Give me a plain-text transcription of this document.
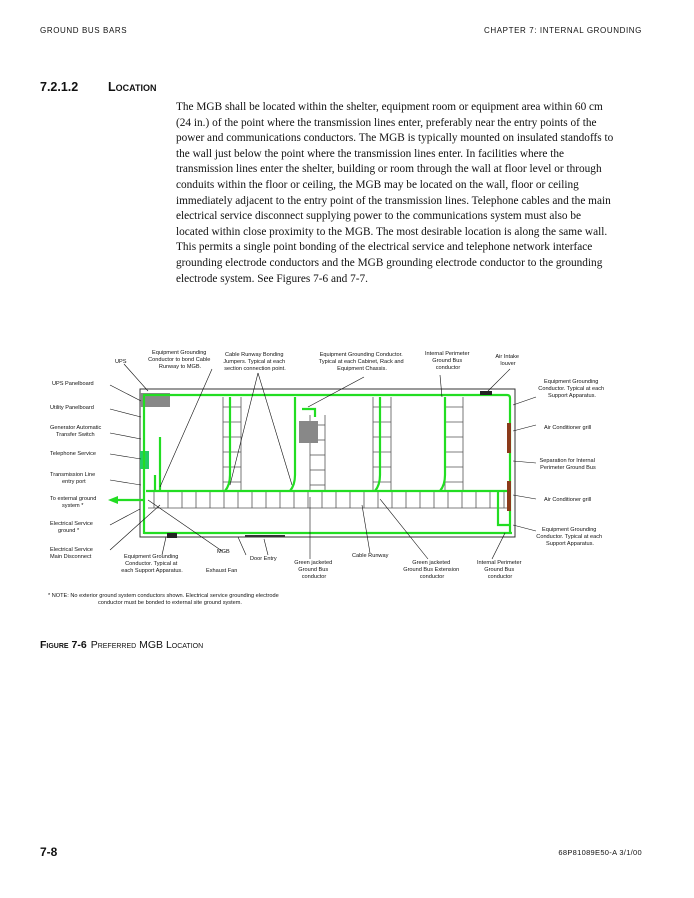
GROUND BUS BARS	CHAPTER 7: INTERNAL GROUNDING
7.2.1.2 Location
The MGB shall be located within the shelter, equipment room or equipment area within 60 cm (24 in.) of the point where the transmission lines enter, preferably near the entry points of the power and communications conductors. The MGB is typically mounted on insulated standoffs to the wall just below the point where the transmission lines enter. In facilities where the transmission lines enter the shelter, building or room through the wall at floor level or through conduits within the floor or ceiling, the MGB may be located on the wall, floor or ceiling immediately adjacent to the entry point of the transmission lines. Telephone cables and the main electrical service disconnect supplying power to the communications system must also be located within close proximity to the MGB. The most desirable location is along the same wall. This permits a single point bonding of the electrical service and telephone network interface grounding electrode conductors and the MGB grounding electrode conductor to the grounding electrode system. See Figures 7-6 and 7-7.
UPS
Equipment Grounding Conductor to bond Cable Runway to MGB.
Cable Runway Bonding Jumpers. Typical at each section connection point.
Equipment Grounding Conductor. Typical at each Cabinet, Rack and Equipment Chassis.
Internal Perimeter Ground Bus conductor
Air Intake louver
UPS Panelboard
Utility Panelboard
Generator Automatic Transfer Switch
Telephone Service
Transmission Line entry port
To external ground system *
Electrical Service ground *
Electrical Service Main Disconnect	Equipment Grounding Conductor. Typical at each Support Apparatus.
MGB
Exhaust Fan
Door Entry
Green jacketed Ground Bus conductor
Cable Runway
Green jacketed Ground Bus Extension conductor
Internal Perimeter Ground Bus conductor
Equipment Grounding Conductor. Typical at each Support Apparatus.
Air Conditioner grill
Separation for Internal Perimeter Ground Bus
Air Conditioner grill
Equipment Grounding Conductor. Typical at each Support Apparatus.
* NOTE: No exterior ground system conductors shown. Electrical service grounding electrode conductor must be bonded to external site ground system.
Figure 7-6 Preferred MGB Location
7-8	68P81089E50-A 3/1/00
